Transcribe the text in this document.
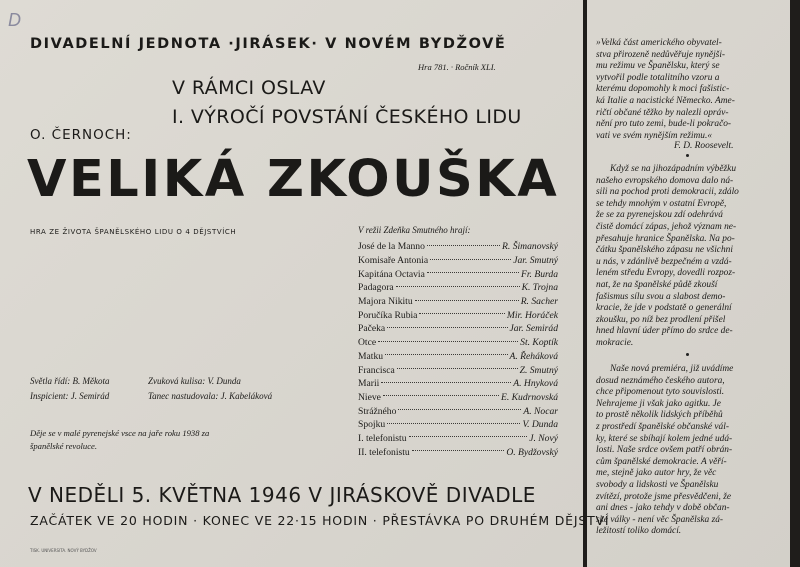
D
DIVADELNÍ JEDNOTA ·JIRÁSEK· V NOVÉM BYDŽOVĚ
Hra 781. · Ročník XLI.
V RÁMCI OSLAV
I. VÝROČÍ POVSTÁNÍ ČESKÉHO LIDU
O. ČERNOCH:
VELIKÁ ZKOUŠKA
HRA ZE ŽIVOTA ŠPANĚLSKÉHO LIDU O 4 DĚJSTVÍCH	V režii Zdeňka Smutného hrají:
José de la Manno	R. Šimanovský
Komisaře Antonia	Jar. Smutný
Kapitána Octavia	Fr. Burda
Padagora	K. Trojna
Majora Nikitu	R. Sacher
Poručíka Rubia	Mir. Horáček
Pačeka	Jar. Semirád
Otce	St. Koptík
Matku	A. Řeháková
Francisca	Z. Smutný
Marii	A. Hnyková
Nieve	E. Kudrnovská
Strážného	A. Nocar
Spojku	V. Dunda
I. telefonistu	J. Nový
II. telefonistu	O. Bydžovský
Světla řídí: B. Měkota	Zvuková kulisa: V. Dunda
Inspicient: J. Semirád	Tanec nastudovala: J. Kabeláková
Děje se v malé pyrenejské vsce na jaře roku 1938 za
španělské revoluce.
V NEDĚLI 5. KVĚTNA 1946 V JIRÁSKOVĚ DIVADLE
ZAČÁTEK VE 20 HODIN · KONEC VE 22·15 HODIN · PŘESTÁVKA PO DRUHÉM DĚJSTVÍ
TISK. UNIVERSITA. NOVÝ BYDŽOV
»Velká část amerického obyvatel-
stva přirozeně nedůvěřuje nynějši-
mu režimu ve Španělsku, který se
vytvořil podle totalitního vzoru a
kterému dopomohly k moci fašistic-
ká Italie a nacistické Německo. Ame-
ričtí občané těžko by nalezli opráv-
nění pro tuto zemi, bude-li pokračo-
vati ve svém nynějším režimu.«
F. D. Roosevelt.
Když se na jihozápadním výběžku
našeho evropského domova dalo ná-
sili na pochod proti demokracii, zdálo
se tehdy mnohým v ostatní Evropě,
že se za pyrenejskou zdí odehrává
čistě domácí zápas, jehož význam ne-
přesahuje hranice Španělska. Na po-
čátku španělského zápasu ne všichni
u nás, v zdánlivě bezpečném a vzdá-
leném středu Evropy, dovedli rozpoz-
nat, že na španělské půdě zkouší
fašismus sílu svou a slabost demo-
kracie, že jde v podstatě o generální
zkoušku, po níž bez prodlení přišel
hned hlavní úder přímo do srdce de-
mokracie.
Naše nová premiéra, již uvádíme
dosud neznámého českého autora,
chce připomenout tyto souvislosti.
Nehrajeme ji však jako agitku. Je
to prostě několik lidských příběhů
z prostředí španělské občanské vál-
ky, které se sbíhají kolem jedné udá-
losti. Naše srdce ovšem patří obrán-
cům španělské demokracie. A věří-
me, stejně jako autor hry, že věc
svobody a lidskosti ve Španělsku
zvítězí, protože jsme přesvědčeni, že
ani dnes - jako tehdy v době občan-
ské války - není věc Španělska zá-
ležitostí toliko domácí.
